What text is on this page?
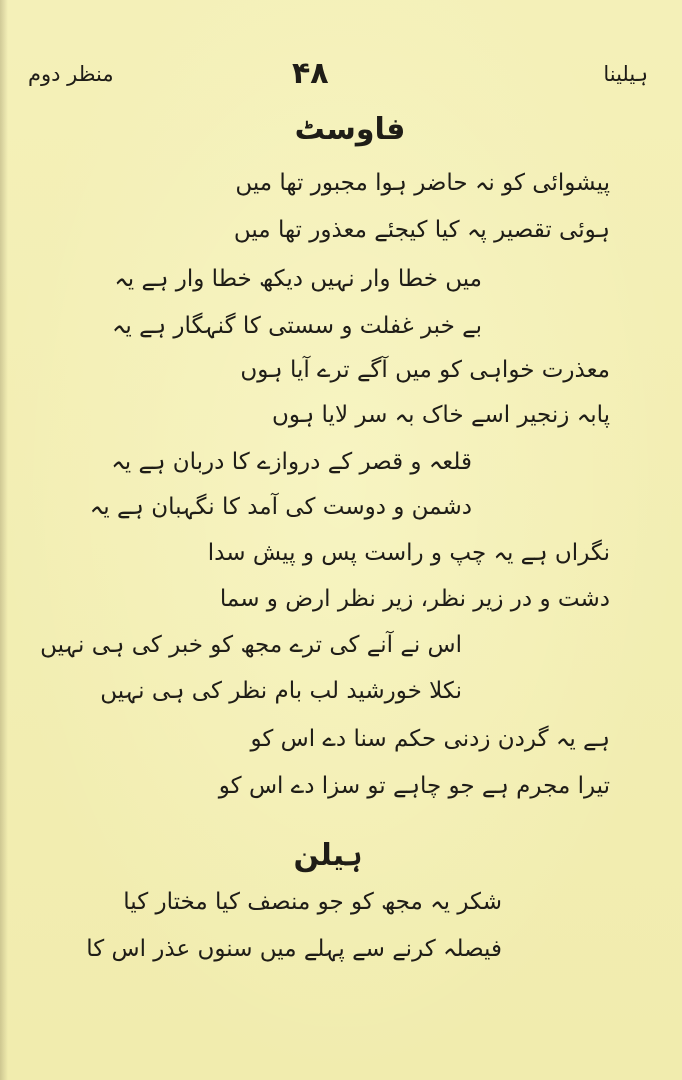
منظر دوم	۴۸	ہیلینا
فاوسٹ
پیشوائی کو نہ حاضر ہوا مجبور تھا میں
ہوئی تقصیر پہ کیا کیجئے معذور تھا میں
میں خطا وار نہیں دیکھ خطا وار ہے یہ
بے خبر غفلت و سستی کا گنہگار ہے یہ
معذرت خواہی کو میں آگے ترے آیا ہوں
پابہ زنجیر اسے خاک بہ سر لایا ہوں
قلعہ و قصر کے دروازے کا دربان ہے یہ
دشمن و دوست کی آمد کا نگہبان ہے یہ
نگراں ہے یہ چپ و راست پس و پیش سدا
دشت و در زیر نظر، زیر نظر ارض و سما
اس نے آنے کی ترے مجھ کو خبر کی ہی نہیں
نکلا خورشید لب بام نظر کی ہی نہیں
ہے یہ گردن زدنی حکم سنا دے اس کو
تیرا مجرم ہے جو چاہے تو سزا دے اس کو
ہیلن
شکر یہ مجھ کو جو منصف کیا مختار کیا
فیصلہ کرنے سے پہلے میں سنوں عذر اس کا
